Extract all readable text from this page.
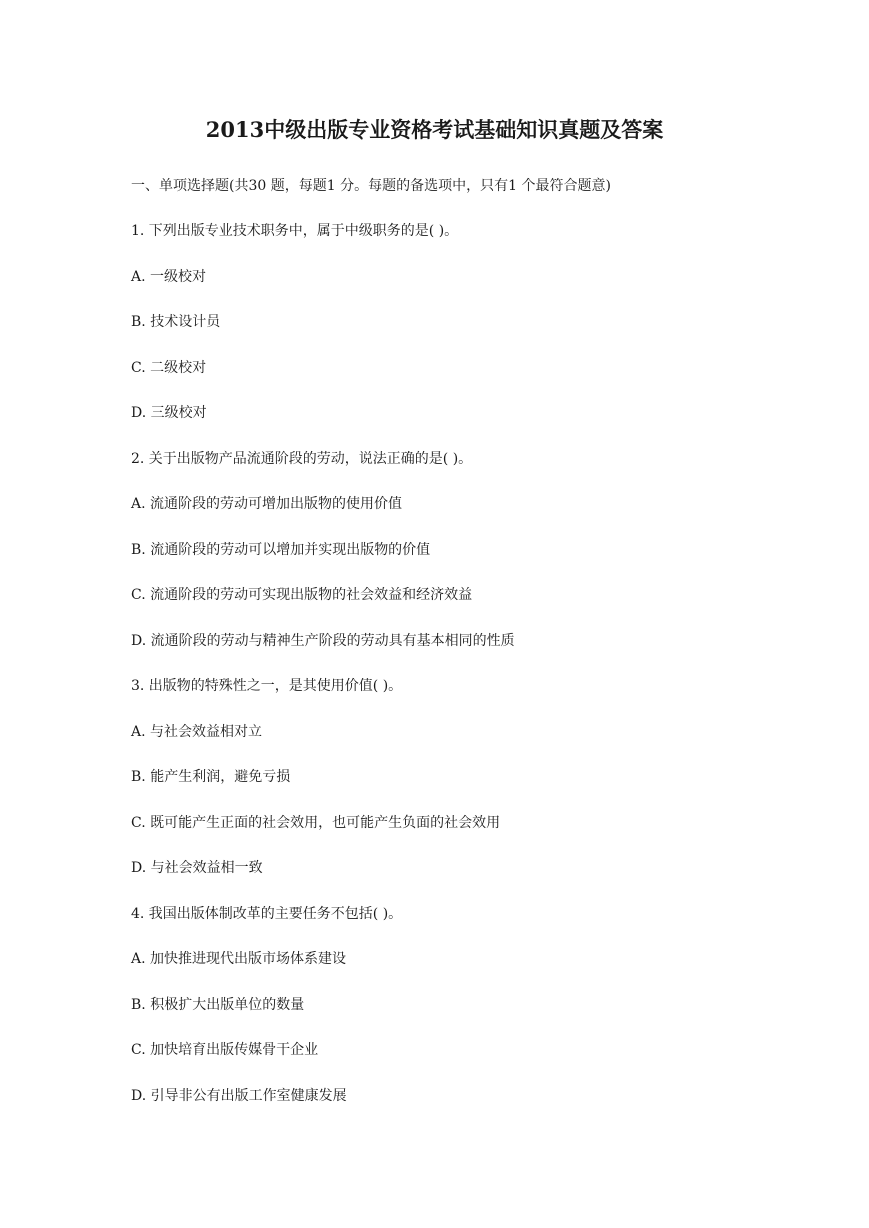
2013中级出版专业资格考试基础知识真题及答案
一、单项选择题(共30 题，每题1 分。每题的备选项中，只有1 个最符合题意)
1. 下列出版专业技术职务中，属于中级职务的是( )。
A. 一级校对
B. 技术设计员
C. 二级校对
D. 三级校对
2. 关于出版物产品流通阶段的劳动，说法正确的是( )。
A. 流通阶段的劳动可增加出版物的使用价值
B. 流通阶段的劳动可以增加并实现出版物的价值
C. 流通阶段的劳动可实现出版物的社会效益和经济效益
D. 流通阶段的劳动与精神生产阶段的劳动具有基本相同的性质
3. 出版物的特殊性之一，是其使用价值( )。
A. 与社会效益相对立
B. 能产生利润，避免亏损
C. 既可能产生正面的社会效用，也可能产生负面的社会效用
D. 与社会效益相一致
4. 我国出版体制改革的主要任务不包括( )。
A. 加快推进现代出版市场体系建设
B. 积极扩大出版单位的数量
C. 加快培育出版传媒骨干企业
D. 引导非公有出版工作室健康发展
